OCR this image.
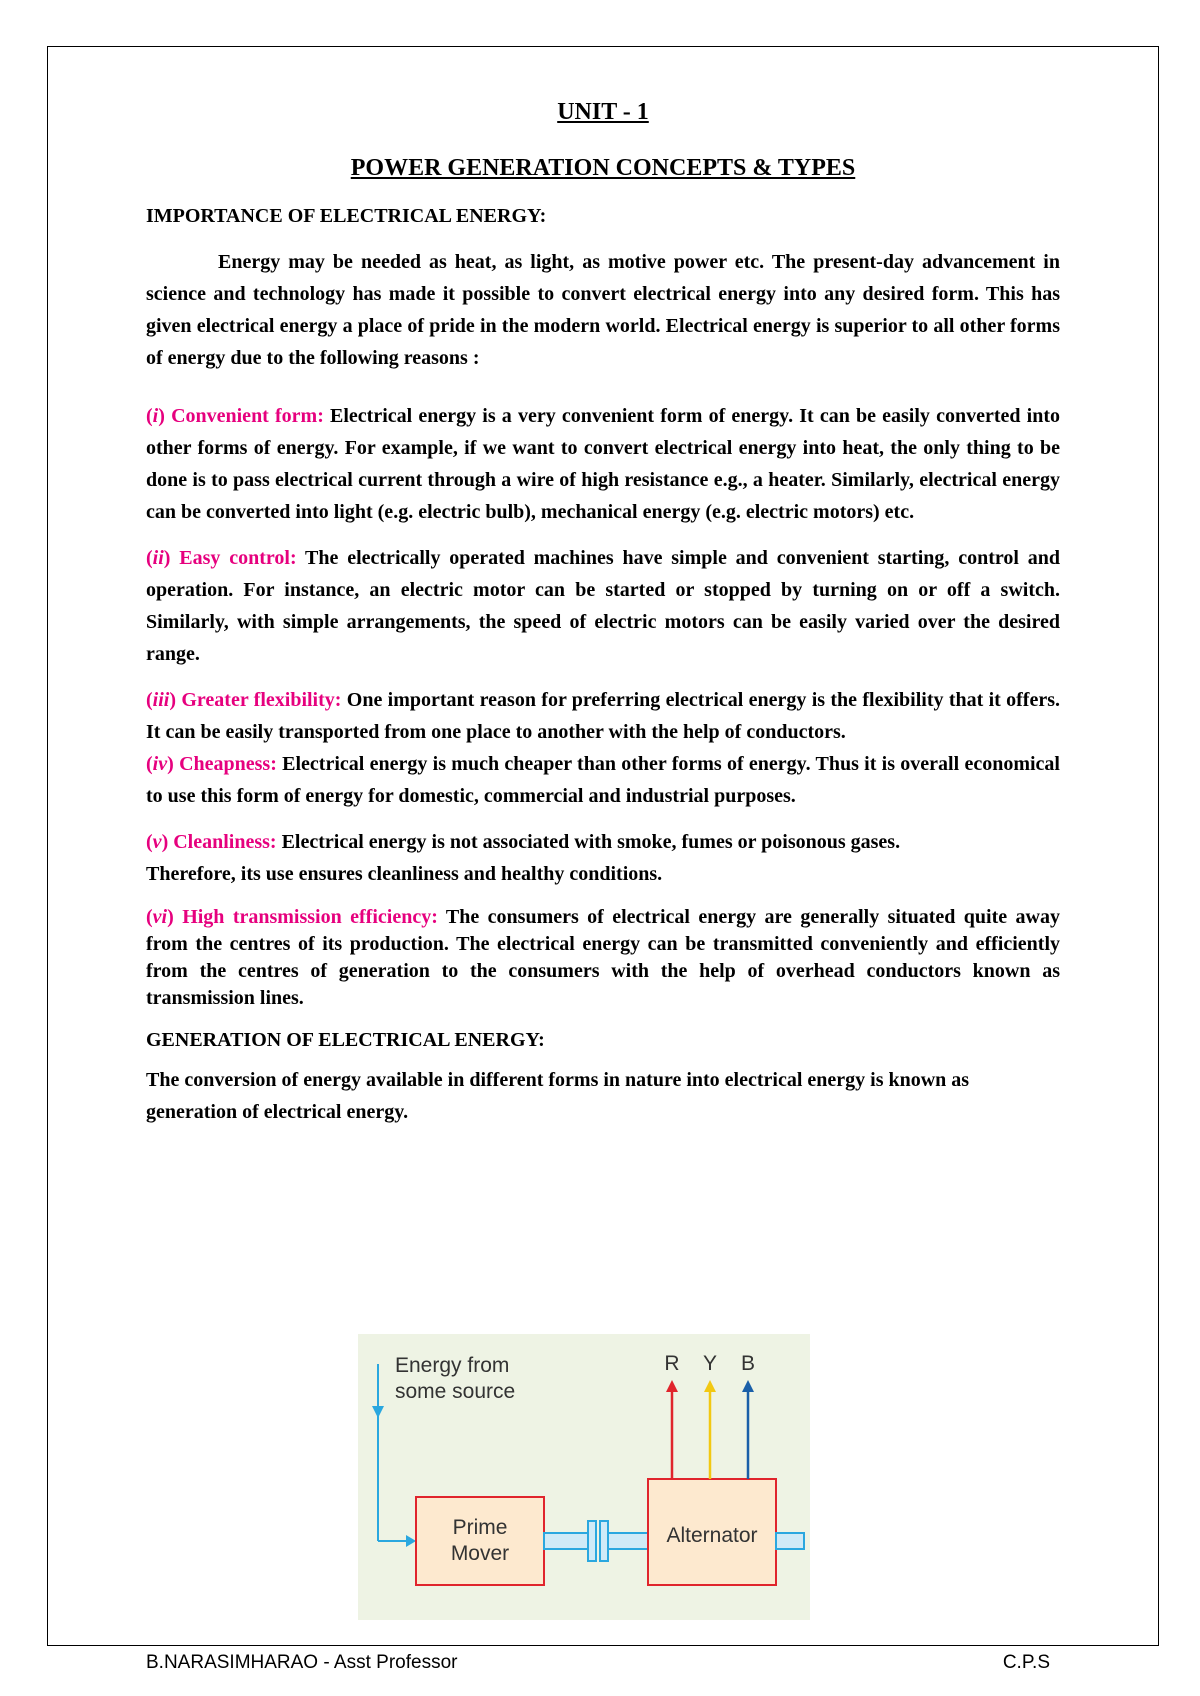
UNIT - 1

POWER GENERATION CONCEPTS & TYPES

IMPORTANCE OF ELECTRICAL ENERGY:

Energy may be needed as heat, as light, as motive power etc. The present-day advancement in science and technology has made it possible to convert electrical energy into any desired form. This has given electrical energy a place of pride in the modern world. Electrical energy is superior to all other forms of energy due to the following reasons :

(i) Convenient form: Electrical energy is a very convenient form of energy. It can be easily converted into other forms of energy. For example, if we want to convert electrical energy into heat, the only thing to be done is to pass electrical current through a wire of high resistance e.g., a heater. Similarly, electrical energy can be converted into light (e.g. electric bulb), mechanical energy (e.g. electric motors) etc.

(ii) Easy control: The electrically operated machines have simple and convenient starting, control and operation. For instance, an electric motor can be started or stopped by turning on or off a switch. Similarly, with simple arrangements, the speed of electric motors can be easily varied over the desired range.

(iii) Greater flexibility: One important reason for preferring electrical energy is the flexibility that it offers. It can be easily transported from one place to another with the help of conductors.

(iv) Cheapness: Electrical energy is much cheaper than other forms of energy. Thus it is overall economical to use this form of energy for domestic, commercial and industrial purposes.

(v) Cleanliness: Electrical energy is not associated with smoke, fumes or poisonous gases.

Therefore, its use ensures cleanliness and healthy conditions.

(vi) High transmission efficiency: The consumers of electrical energy are generally situated quite away from the centres of its production. The electrical energy can be transmitted conveniently and efficiently from the centres of generation to the consumers with the help of overhead conductors known as transmission lines.

GENERATION OF ELECTRICAL ENERGY:

The conversion of energy available in different forms in nature into electrical energy is known as generation of electrical energy.

Energy from
some source
Prime
Mover
Alternator
R Y B
B.NARASIMHARAO - Asst Professor	C.P.S
